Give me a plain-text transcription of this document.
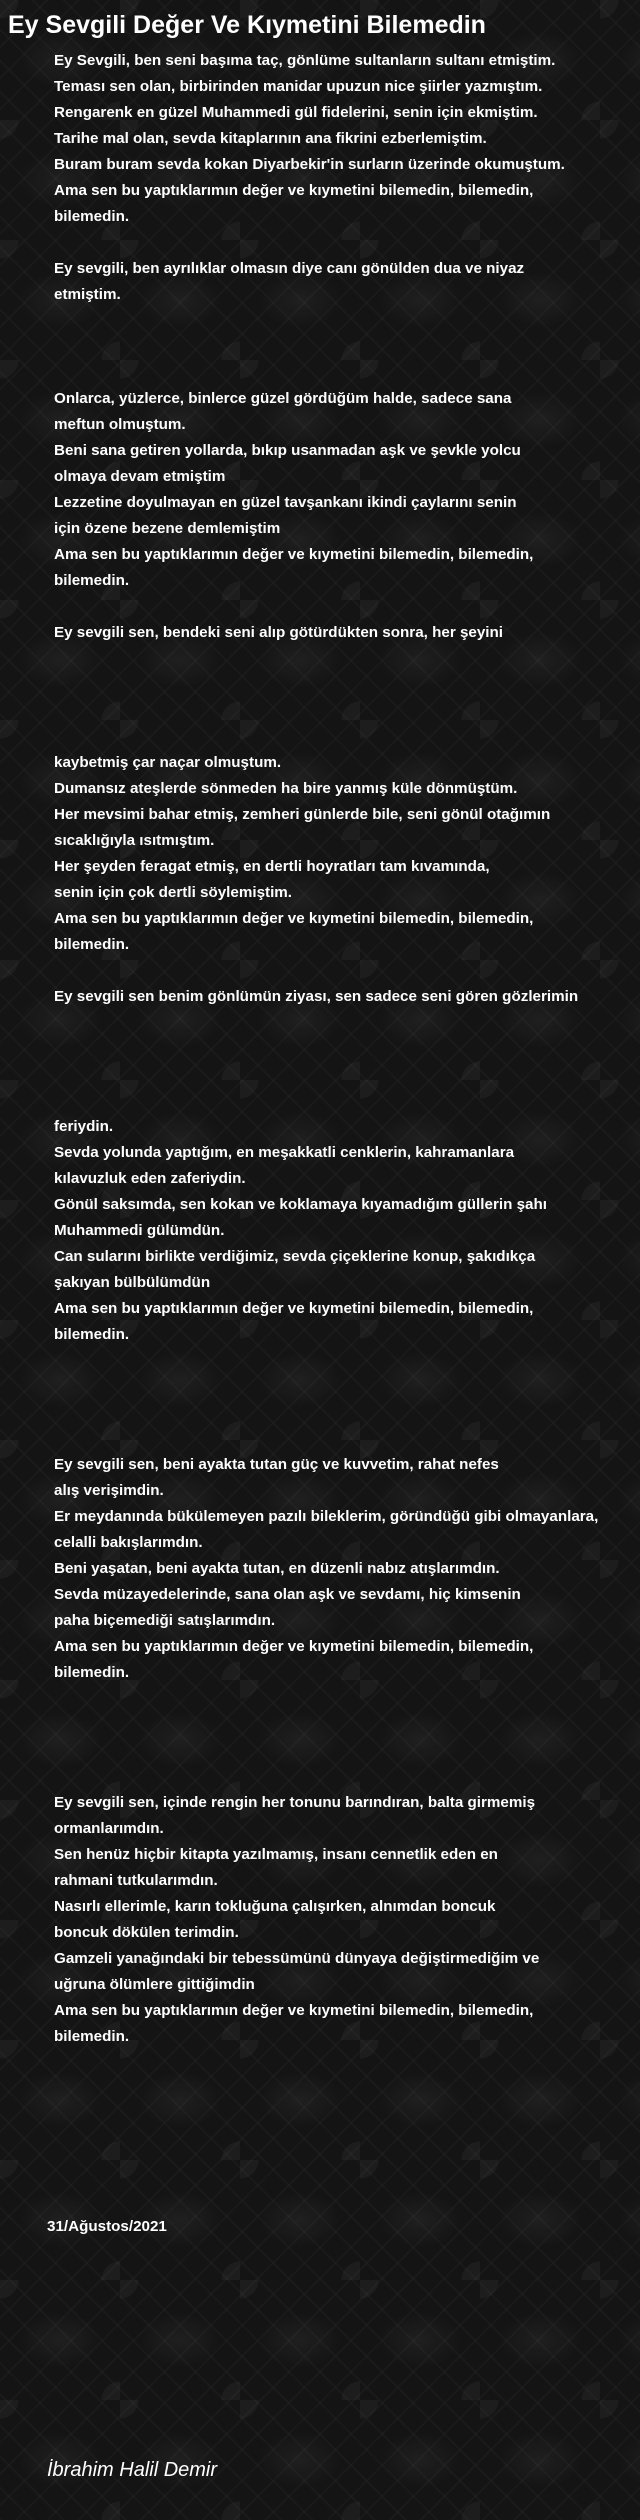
Ey Sevgili Değer Ve Kıymetini Bilemedin
Ey Sevgili, ben seni başıma taç, gönlüme sultanların sultanı etmiştim.
Teması sen olan, birbirinden manidar upuzun nice şiirler yazmıştım.
Rengarenk en güzel Muhammedi gül fidelerini, senin için ekmiştim.
Tarihe mal olan, sevda kitaplarının ana fikrini ezberlemiştim.
Buram buram sevda kokan Diyarbekir'in surların üzerinde okumuştum.
Ama sen bu yaptıklarımın değer ve kıymetini bilemedin, bilemedin,
bilemedin.
Ey sevgili, ben ayrılıklar olmasın diye canı gönülden dua ve niyaz
etmiştim.
Onlarca, yüzlerce, binlerce güzel gördüğüm halde, sadece sana
meftun olmuştum.
Beni sana getiren yollarda, bıkıp usanmadan aşk ve şevkle yolcu
olmaya devam etmiştim
Lezzetine doyulmayan en güzel tavşankanı ikindi çaylarını senin
için özene bezene demlemiştim
Ama sen bu yaptıklarımın değer ve kıymetini bilemedin, bilemedin,
bilemedin.
Ey sevgili sen, bendeki seni alıp götürdükten sonra, her şeyini
kaybetmiş çar naçar olmuştum.
Dumansız ateşlerde sönmeden ha bire yanmış küle dönmüştüm.
Her mevsimi bahar etmiş, zemheri günlerde bile, seni gönül otağımın
sıcaklığıyla ısıtmıştım.
Her şeyden feragat etmiş, en dertli hoyratları tam kıvamında,
senin için çok dertli söylemiştim.
Ama sen bu yaptıklarımın değer ve kıymetini bilemedin, bilemedin,
bilemedin.
Ey sevgili sen benim gönlümün ziyası, sen sadece seni gören gözlerimin
feriydin.
Sevda yolunda yaptığım, en meşakkatli cenklerin, kahramanlara
kılavuzluk eden zaferiydin.
Gönül saksımda, sen kokan ve koklamaya kıyamadığım güllerin şahı
Muhammedi gülümdün.
Can sularını birlikte verdiğimiz, sevda çiçeklerine konup, şakıdıkça
şakıyan bülbülümdün
Ama sen bu yaptıklarımın değer ve kıymetini bilemedin, bilemedin,
bilemedin.
Ey sevgili sen, beni ayakta tutan güç ve kuvvetim, rahat nefes
alış verişimdin.
Er meydanında bükülemeyen pazılı bileklerim, göründüğü gibi olmayanlara,
celalli bakışlarımdın.
Beni yaşatan, beni ayakta tutan, en düzenli nabız atışlarımdın.
Sevda müzayedelerinde, sana olan aşk ve sevdamı, hiç kimsenin
paha biçemediği satışlarımdın.
Ama sen bu yaptıklarımın değer ve kıymetini bilemedin, bilemedin,
bilemedin.
Ey sevgili sen, içinde rengin her tonunu barındıran, balta girmemiş
ormanlarımdın.
Sen henüz hiçbir kitapta yazılmamış, insanı cennetlik eden en
rahmani tutkularımdın.
Nasırlı ellerimle, karın tokluğuna çalışırken, alnımdan boncuk
boncuk dökülen terimdin.
Gamzeli yanağındaki bir tebessümünü dünyaya değiştirmediğim ve
uğruna ölümlere gittiğimdin
Ama sen bu yaptıklarımın değer ve kıymetini bilemedin, bilemedin,
bilemedin.
31/Ağustos/2021
İbrahim Halil Demir
